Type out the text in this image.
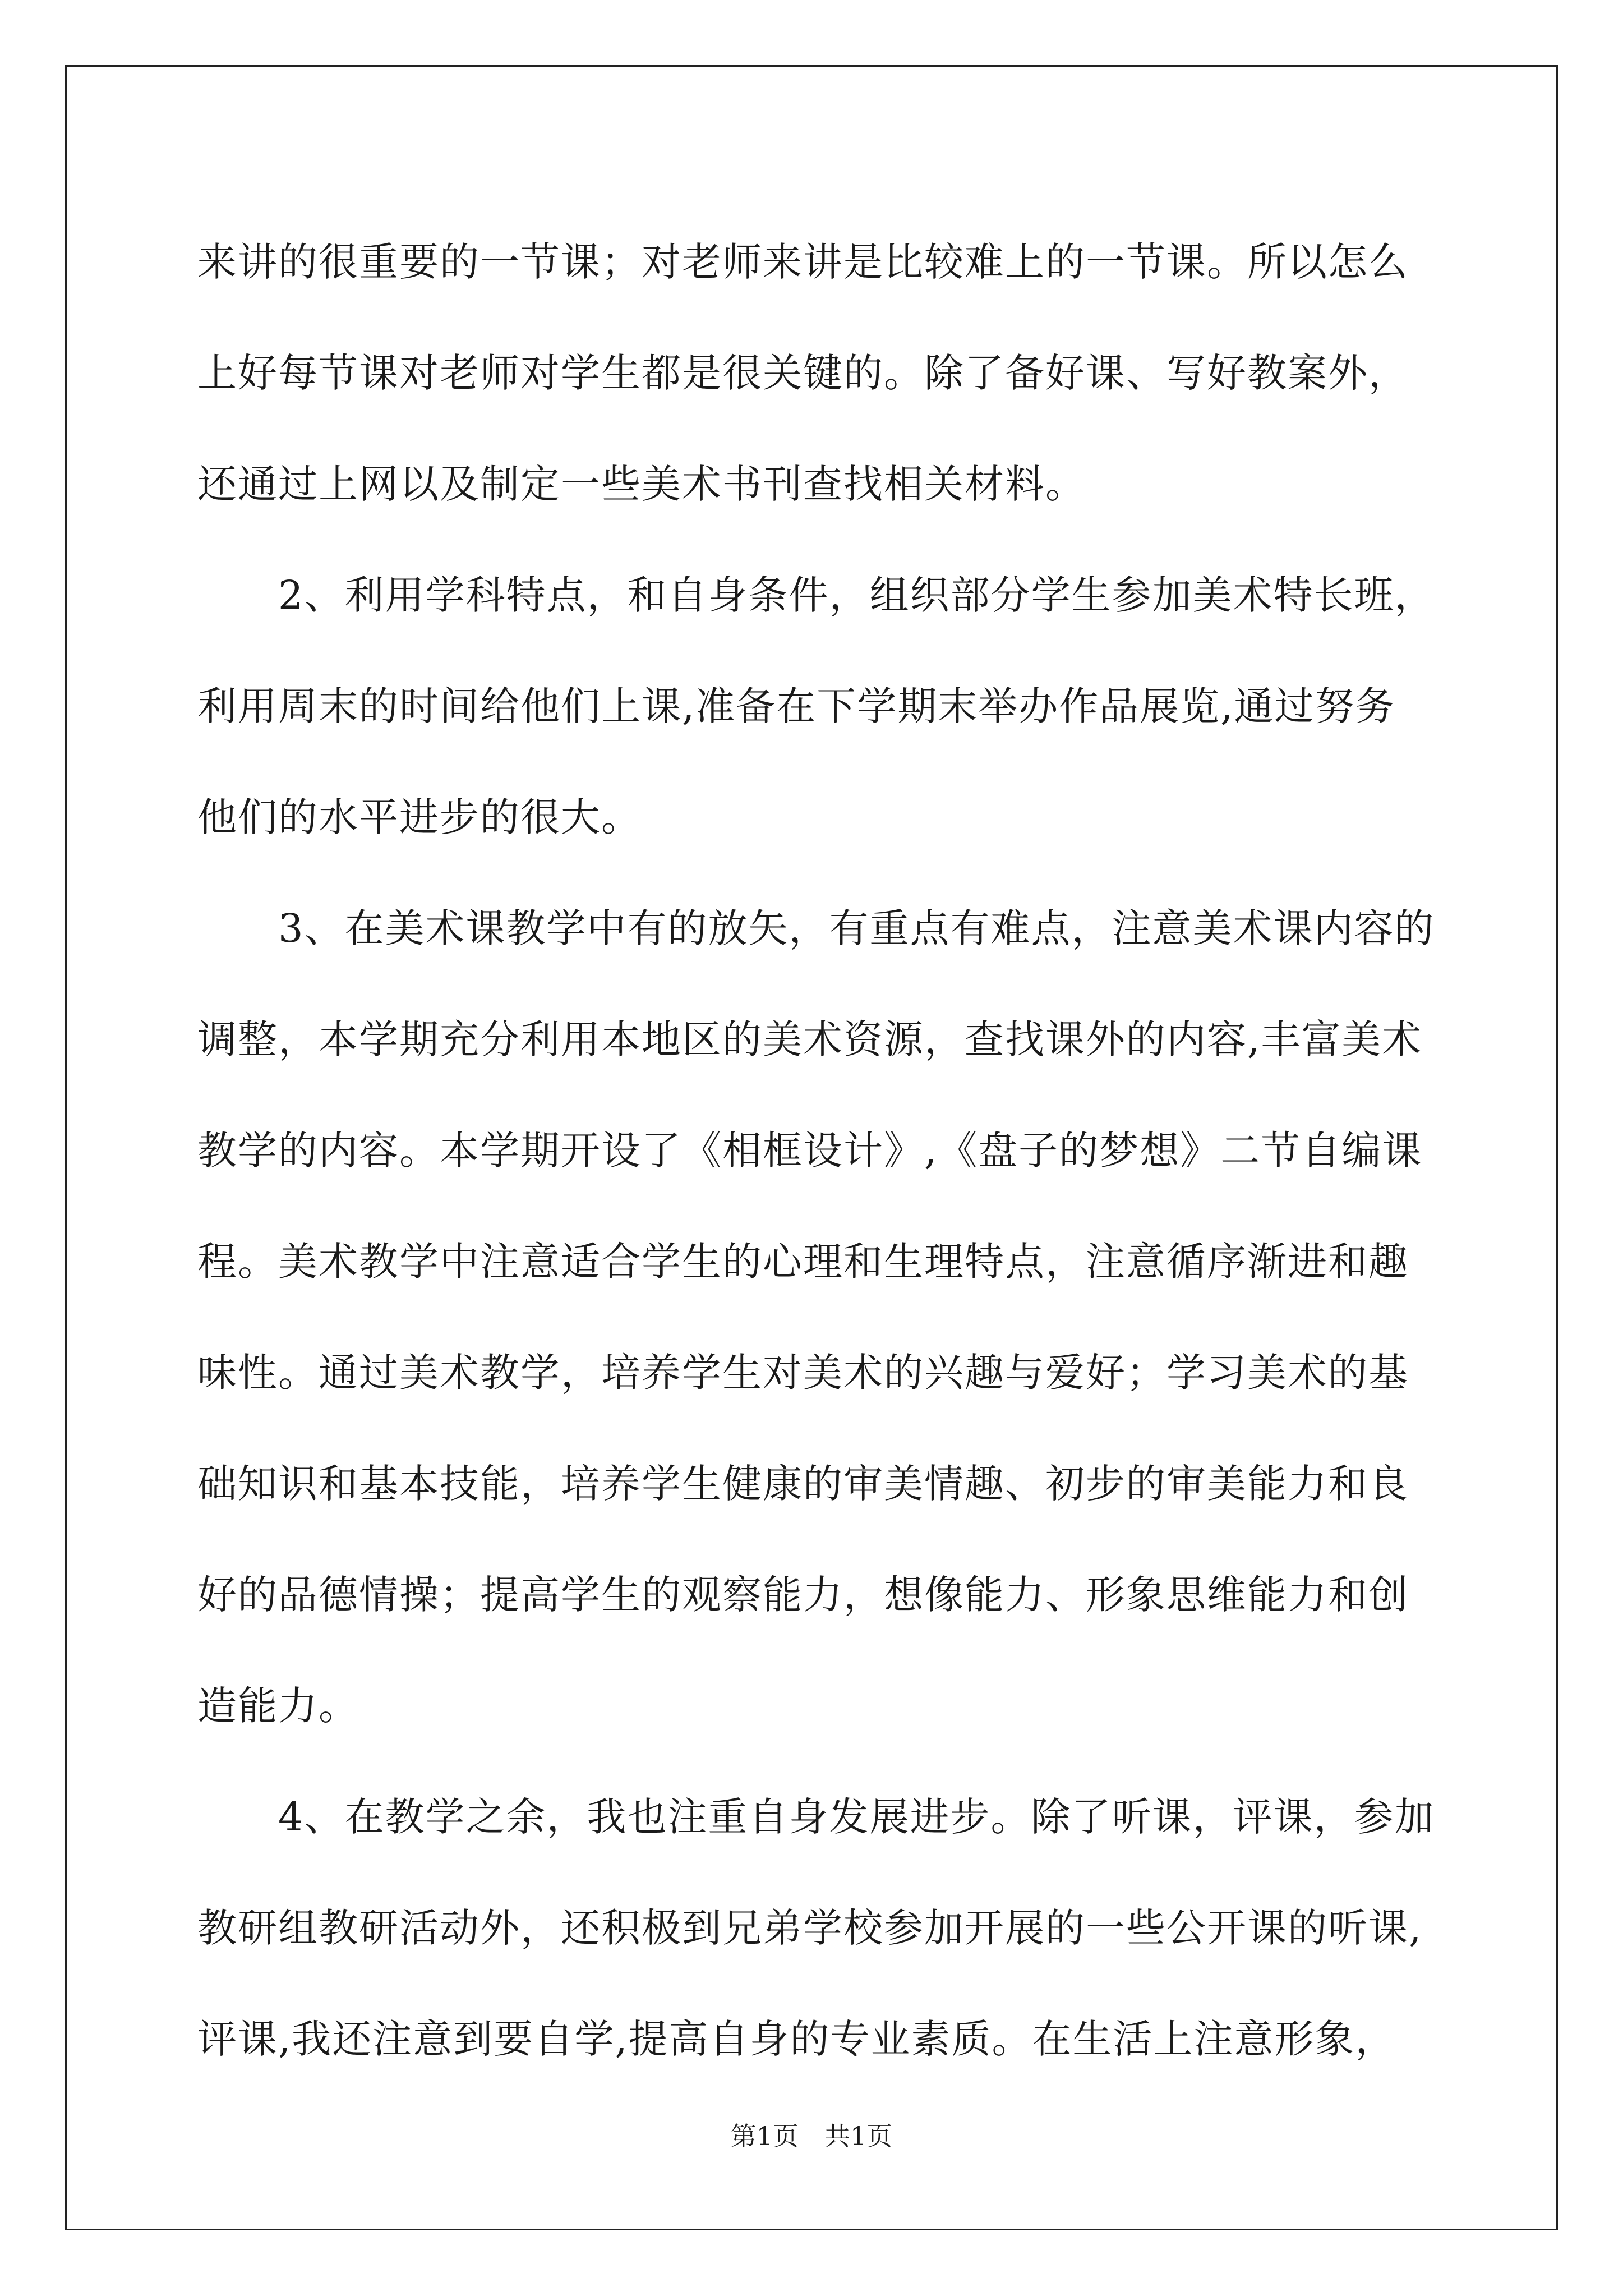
来讲的很重要的一节课；对老师来讲是比较难上的一节课。所以怎么
上好每节课对老师对学生都是很关键的。除了备好课、写好教案外，
还通过上网以及制定一些美术书刊查找相关材料。
　　2、利用学科特点，和自身条件，组织部分学生参加美术特长班，
利用周末的时间给他们上课,准备在下学期末举办作品展览,通过努务
他们的水平进步的很大。
　　3、在美术课教学中有的放矢，有重点有难点，注意美术课内容的
调整，本学期充分利用本地区的美术资源，查找课外的内容,丰富美术
教学的内容。本学期开设了《相框设计》,《盘子的梦想》二节自编课
程。美术教学中注意适合学生的心理和生理特点，注意循序渐进和趣
味性。通过美术教学，培养学生对美术的兴趣与爱好；学习美术的基
础知识和基本技能，培养学生健康的审美情趣、初步的审美能力和良
好的品德情操；提高学生的观察能力，想像能力、形象思维能力和创
造能力。
　　4、在教学之余，我也注重自身发展进步。除了听课，评课，参加
教研组教研活动外，还积极到兄弟学校参加开展的一些公开课的听课,
评课,我还注意到要自学,提高自身的专业素质。在生活上注意形象，
第1页　共1页
